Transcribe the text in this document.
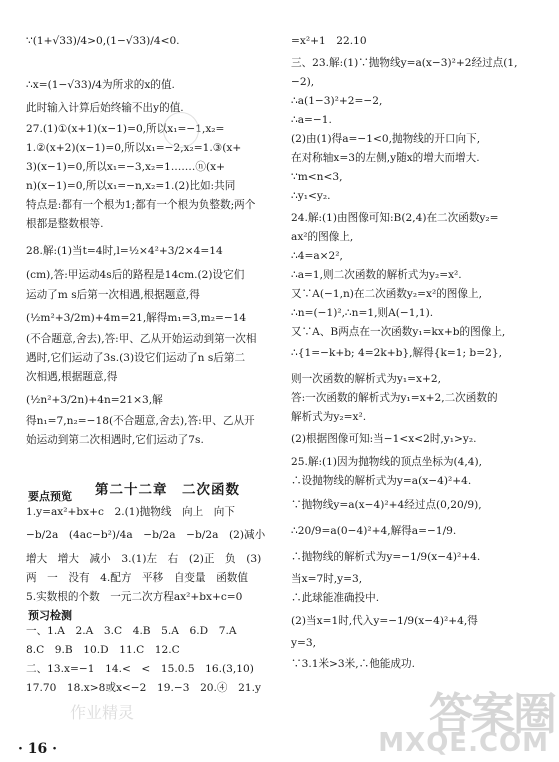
∵(1+√33)/4>0,(1−√33)/4<0.
∴x=(1−√33)/4为所求的x的值.
此时输入计算后始终输不出y的值.
27.(1)①(x+1)(x−1)=0,所以x₁=−1,x₂=
1.②(x+2)(x−1)=0,所以x₁=−2,x₂=1.③(x+
3)(x−1)=0,所以x₁=−3,x₂=1.……ⓝ(x+
n)(x−1)=0,所以x₁=−n,x₂=1.(2)比如:共同
特点是:都有一个根为1;都有一个根为负整数;两个
根都是整数根等.
28.解:(1)当t=4时,l=½×4²+3/2×4=14
(cm),答:甲运动4s后的路程是14cm.(2)设它们
运动了m s后第一次相遇,根据题意,得
(½m²+3/2m)+4m=21,解得m₁=3,m₂=−14
(不合题意,舍去),答:甲、乙从开始运动到第一次相
遇时,它们运动了3s.(3)设它们运动了n s后第二
次相遇,根据题意,得
(½n²+3/2n)+4n=21×3,解
得n₁=7,n₂=−18(不合题意,舍去),答:甲、乙从开
始运动到第二次相遇时,它们运动了7s.
1.y=ax²+bx+c　2.(1)抛物线　向上　向下
−b/2a　(4ac−b²)/4a　−b/2a　−b/2a　(2)减小
增大　增大　减小　3.(1)左　右　(2)正　负　(3)
两　一　没有　4.配方　平移　自变量　函数值
5.实数根的个数　一元二次方程ax²+bx+c=0
一、1.A　2.A　3.C　4.B　5.A　6.D　7.A
8.C　9.B　10.D　11.C　12.C
二、13.x=−1　14.<　<　15.0.5　16.(3,10)
17.70　18.x>8或x<−2　19.−3　20.④　21.y
第二十二章　二次函数
要点预览
预习检测
=x²+1　22.10
三、23.解:(1)∵抛物线y=a(x−3)²+2经过点(1,
−2),
∴a(1−3)²+2=−2,
∴a=−1.
(2)由(1)得a=−1<0,抛物线的开口向下,
在对称轴x=3的左侧,y随x的增大而增大.
∵m<n<3,
∴y₁<y₂.
24.解:(1)由图像可知:B(2,4)在二次函数y₂=
ax²的图像上,
∴4=a×2²,
∴a=1,则二次函数的解析式为y₂=x².
又∵A(−1,n)在二次函数y₂=x²的图像上,
∴n=(−1)²,∴n=1,则A(−1,1).
又∵A、B两点在一次函数y₁=kx+b的图像上,
∴{1=−k+b; 4=2k+b},解得{k=1; b=2},
则一次函数的解析式为y₁=x+2,
答:一次函数的解析式为y₁=x+2,二次函数的
解析式为y₂=x².
(2)根据图像可知:当−1<x<2时,y₁>y₂.
25.解:(1)因为抛物线的顶点坐标为(4,4),
∴设抛物线的解析式为y=a(x−4)²+4.
∵抛物线y=a(x−4)²+4经过点(0,20/9),
∴20/9=a(0−4)²+4,解得a=−1/9.
∴抛物线的解析式为y=−1/9(x−4)²+4.
当x=7时,y=3,
∴此球能准确投中.
(2)当x=1时,代入y=−1/9(x−4)²+4,得
y=3,
∵3.1米>3米,∴他能成功.
· 16 ·
作业精灵	答案圈
MXQE.COM
